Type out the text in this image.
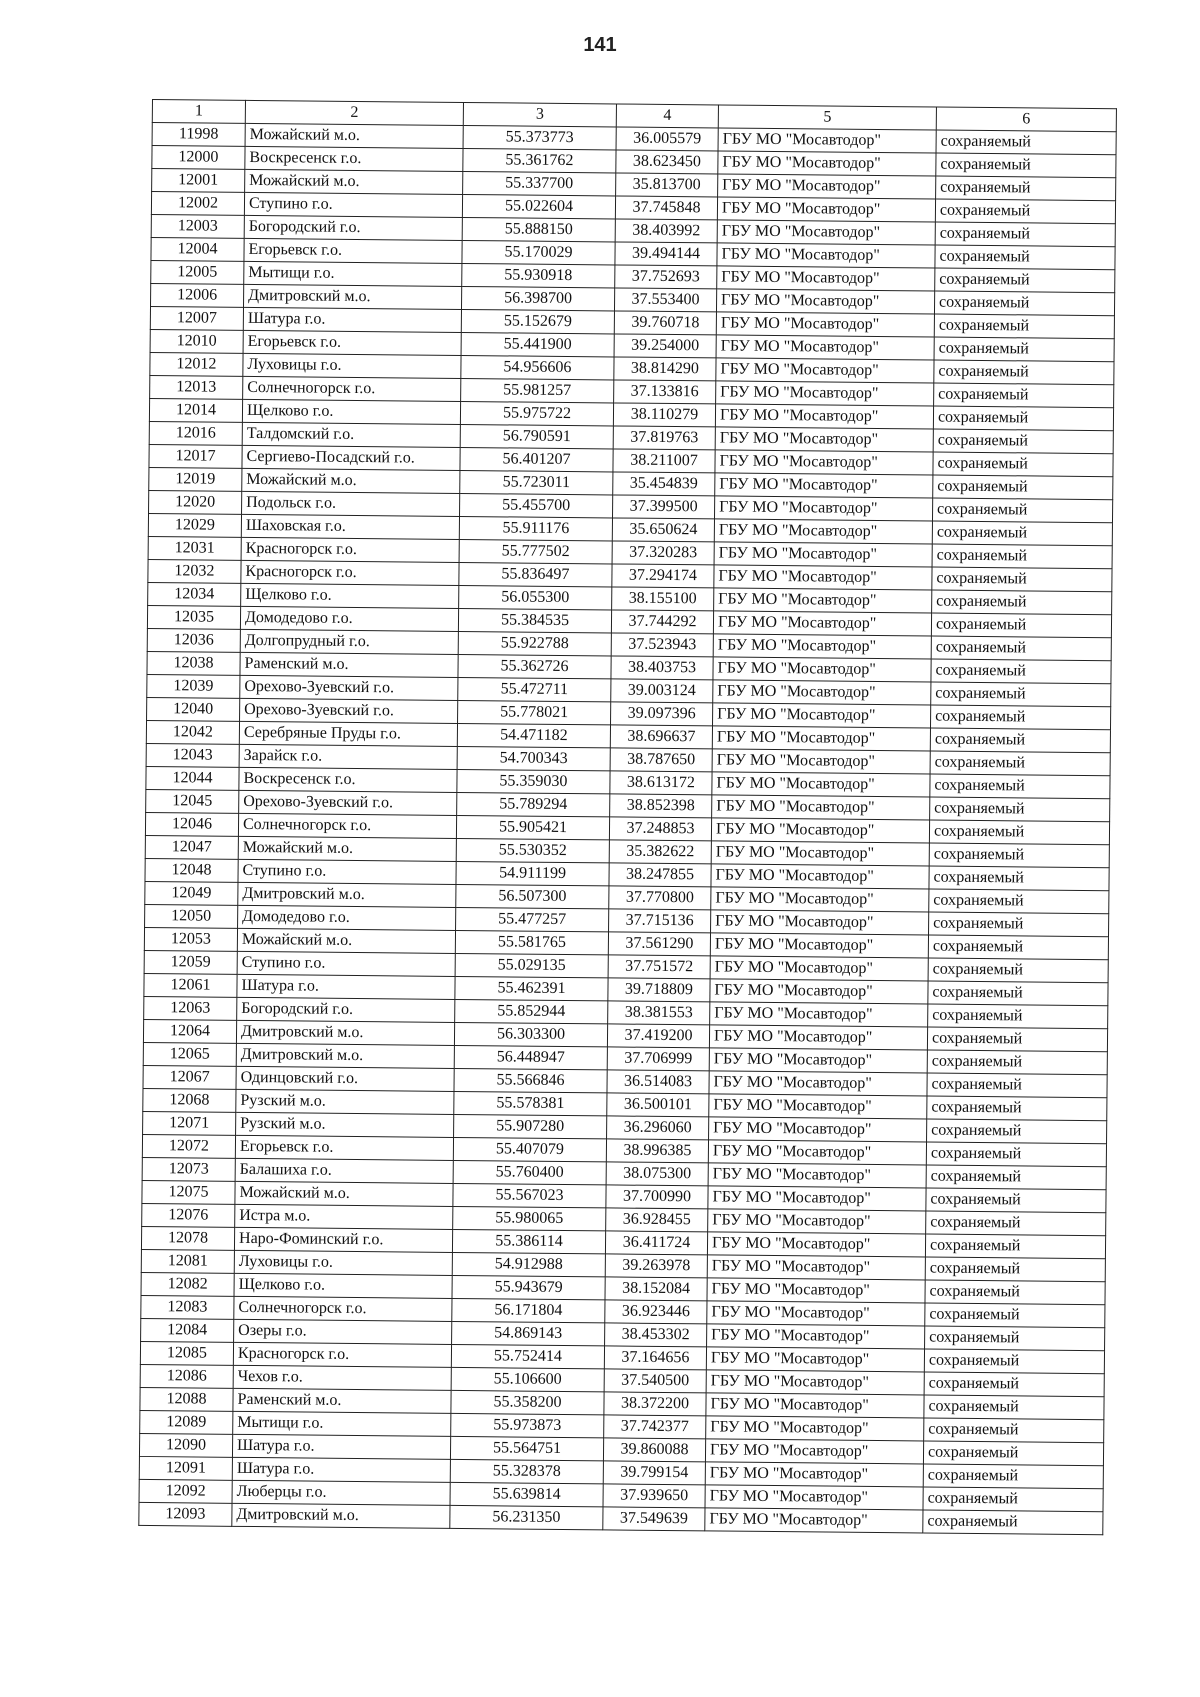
141
1	2	3	4	5	6
11998	Можайский м.о.	55.373773	36.005579	ГБУ МО "Мосавтодор"	сохраняемый
12000	Воскресенск г.о.	55.361762	38.623450	ГБУ МО "Мосавтодор"	сохраняемый
12001	Можайский м.о.	55.337700	35.813700	ГБУ МО "Мосавтодор"	сохраняемый
12002	Ступино г.о.	55.022604	37.745848	ГБУ МО "Мосавтодор"	сохраняемый
12003	Богородский г.о.	55.888150	38.403992	ГБУ МО "Мосавтодор"	сохраняемый
12004	Егорьевск г.о.	55.170029	39.494144	ГБУ МО "Мосавтодор"	сохраняемый
12005	Мытищи г.о.	55.930918	37.752693	ГБУ МО "Мосавтодор"	сохраняемый
12006	Дмитровский м.о.	56.398700	37.553400	ГБУ МО "Мосавтодор"	сохраняемый
12007	Шатура г.о.	55.152679	39.760718	ГБУ МО "Мосавтодор"	сохраняемый
12010	Егорьевск г.о.	55.441900	39.254000	ГБУ МО "Мосавтодор"	сохраняемый
12012	Луховицы г.о.	54.956606	38.814290	ГБУ МО "Мосавтодор"	сохраняемый
12013	Солнечногорск г.о.	55.981257	37.133816	ГБУ МО "Мосавтодор"	сохраняемый
12014	Щелково г.о.	55.975722	38.110279	ГБУ МО "Мосавтодор"	сохраняемый
12016	Талдомский г.о.	56.790591	37.819763	ГБУ МО "Мосавтодор"	сохраняемый
12017	Сергиево-Посадский г.о.	56.401207	38.211007	ГБУ МО "Мосавтодор"	сохраняемый
12019	Можайский м.о.	55.723011	35.454839	ГБУ МО "Мосавтодор"	сохраняемый
12020	Подольск г.о.	55.455700	37.399500	ГБУ МО "Мосавтодор"	сохраняемый
12029	Шаховская г.о.	55.911176	35.650624	ГБУ МО "Мосавтодор"	сохраняемый
12031	Красногорск г.о.	55.777502	37.320283	ГБУ МО "Мосавтодор"	сохраняемый
12032	Красногорск г.о.	55.836497	37.294174	ГБУ МО "Мосавтодор"	сохраняемый
12034	Щелково г.о.	56.055300	38.155100	ГБУ МО "Мосавтодор"	сохраняемый
12035	Домодедово г.о.	55.384535	37.744292	ГБУ МО "Мосавтодор"	сохраняемый
12036	Долгопрудный г.о.	55.922788	37.523943	ГБУ МО "Мосавтодор"	сохраняемый
12038	Раменский м.о.	55.362726	38.403753	ГБУ МО "Мосавтодор"	сохраняемый
12039	Орехово-Зуевский г.о.	55.472711	39.003124	ГБУ МО "Мосавтодор"	сохраняемый
12040	Орехово-Зуевский г.о.	55.778021	39.097396	ГБУ МО "Мосавтодор"	сохраняемый
12042	Серебряные Пруды г.о.	54.471182	38.696637	ГБУ МО "Мосавтодор"	сохраняемый
12043	Зарайск г.о.	54.700343	38.787650	ГБУ МО "Мосавтодор"	сохраняемый
12044	Воскресенск г.о.	55.359030	38.613172	ГБУ МО "Мосавтодор"	сохраняемый
12045	Орехово-Зуевский г.о.	55.789294	38.852398	ГБУ МО "Мосавтодор"	сохраняемый
12046	Солнечногорск г.о.	55.905421	37.248853	ГБУ МО "Мосавтодор"	сохраняемый
12047	Можайский м.о.	55.530352	35.382622	ГБУ МО "Мосавтодор"	сохраняемый
12048	Ступино г.о.	54.911199	38.247855	ГБУ МО "Мосавтодор"	сохраняемый
12049	Дмитровский м.о.	56.507300	37.770800	ГБУ МО "Мосавтодор"	сохраняемый
12050	Домодедово г.о.	55.477257	37.715136	ГБУ МО "Мосавтодор"	сохраняемый
12053	Можайский м.о.	55.581765	37.561290	ГБУ МО "Мосавтодор"	сохраняемый
12059	Ступино г.о.	55.029135	37.751572	ГБУ МО "Мосавтодор"	сохраняемый
12061	Шатура г.о.	55.462391	39.718809	ГБУ МО "Мосавтодор"	сохраняемый
12063	Богородский г.о.	55.852944	38.381553	ГБУ МО "Мосавтодор"	сохраняемый
12064	Дмитровский м.о.	56.303300	37.419200	ГБУ МО "Мосавтодор"	сохраняемый
12065	Дмитровский м.о.	56.448947	37.706999	ГБУ МО "Мосавтодор"	сохраняемый
12067	Одинцовский г.о.	55.566846	36.514083	ГБУ МО "Мосавтодор"	сохраняемый
12068	Рузский м.о.	55.578381	36.500101	ГБУ МО "Мосавтодор"	сохраняемый
12071	Рузский м.о.	55.907280	36.296060	ГБУ МО "Мосавтодор"	сохраняемый
12072	Егорьевск г.о.	55.407079	38.996385	ГБУ МО "Мосавтодор"	сохраняемый
12073	Балашиха г.о.	55.760400	38.075300	ГБУ МО "Мосавтодор"	сохраняемый
12075	Можайский м.о.	55.567023	37.700990	ГБУ МО "Мосавтодор"	сохраняемый
12076	Истра м.о.	55.980065	36.928455	ГБУ МО "Мосавтодор"	сохраняемый
12078	Наро-Фоминский г.о.	55.386114	36.411724	ГБУ МО "Мосавтодор"	сохраняемый
12081	Луховицы г.о.	54.912988	39.263978	ГБУ МО "Мосавтодор"	сохраняемый
12082	Щелково г.о.	55.943679	38.152084	ГБУ МО "Мосавтодор"	сохраняемый
12083	Солнечногорск г.о.	56.171804	36.923446	ГБУ МО "Мосавтодор"	сохраняемый
12084	Озеры г.о.	54.869143	38.453302	ГБУ МО "Мосавтодор"	сохраняемый
12085	Красногорск г.о.	55.752414	37.164656	ГБУ МО "Мосавтодор"	сохраняемый
12086	Чехов г.о.	55.106600	37.540500	ГБУ МО "Мосавтодор"	сохраняемый
12088	Раменский м.о.	55.358200	38.372200	ГБУ МО "Мосавтодор"	сохраняемый
12089	Мытищи г.о.	55.973873	37.742377	ГБУ МО "Мосавтодор"	сохраняемый
12090	Шатура г.о.	55.564751	39.860088	ГБУ МО "Мосавтодор"	сохраняемый
12091	Шатура г.о.	55.328378	39.799154	ГБУ МО "Мосавтодор"	сохраняемый
12092	Люберцы г.о.	55.639814	37.939650	ГБУ МО "Мосавтодор"	сохраняемый
12093	Дмитровский м.о.	56.231350	37.549639	ГБУ МО "Мосавтодор"	сохраняемый
